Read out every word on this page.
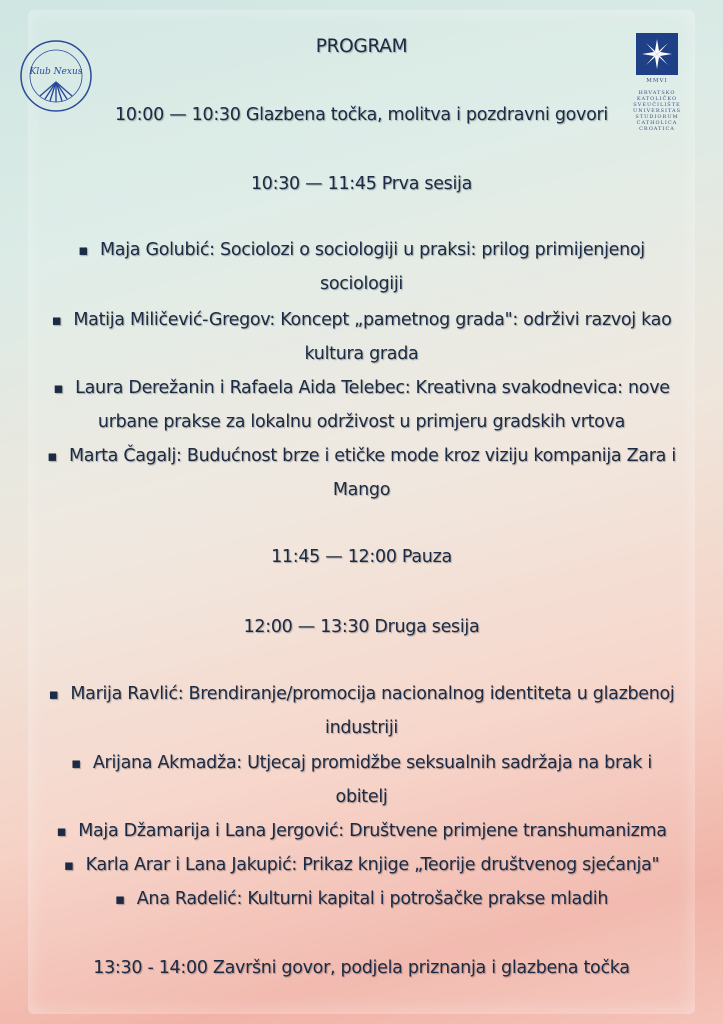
Klub Nexus
MMVI
HRVATSKO
KATOLIČKO
SVEUČILIŠTE
UNIVERSITAS
STUDIORUM
CATHOLICA
CROATICA
PROGRAM
10:00 — 10:30 Glazbena točka, molitva i pozdravni govori
10:30 — 11:45 Prva sesija
▪ Maja Golubić: Sociolozi o sociologiji u praksi: prilog primijenjenoj
sociologiji
▪ Matija Miličević-Gregov: Koncept „pametnog grada": održivi razvoj kao
kultura grada
▪ Laura Derežanin i Rafaela Aida Telebec: Kreativna svakodnevica: nove
urbane prakse za lokalnu održivost u primjeru gradskih vrtova
▪ Marta Čagalj: Budućnost brze i etičke mode kroz viziju kompanija Zara i
Mango
11:45 — 12:00 Pauza
12:00 — 13:30 Druga sesija
▪ Marija Ravlić: Brendiranje/promocija nacionalnog identiteta u glazbenoj
industriji
▪ Arijana Akmadža: Utjecaj promidžbe seksualnih sadržaja na brak i
obitelj
▪ Maja Džamarija i Lana Jergović: Društvene primjene transhumanizma
▪ Karla Arar i Lana Jakupić: Prikaz knjige „Teorije društvenog sjećanja"
▪ Ana Radelić: Kulturni kapital i potrošačke prakse mladih
13:30 - 14:00 Završni govor, podjela priznanja i glazbena točka
